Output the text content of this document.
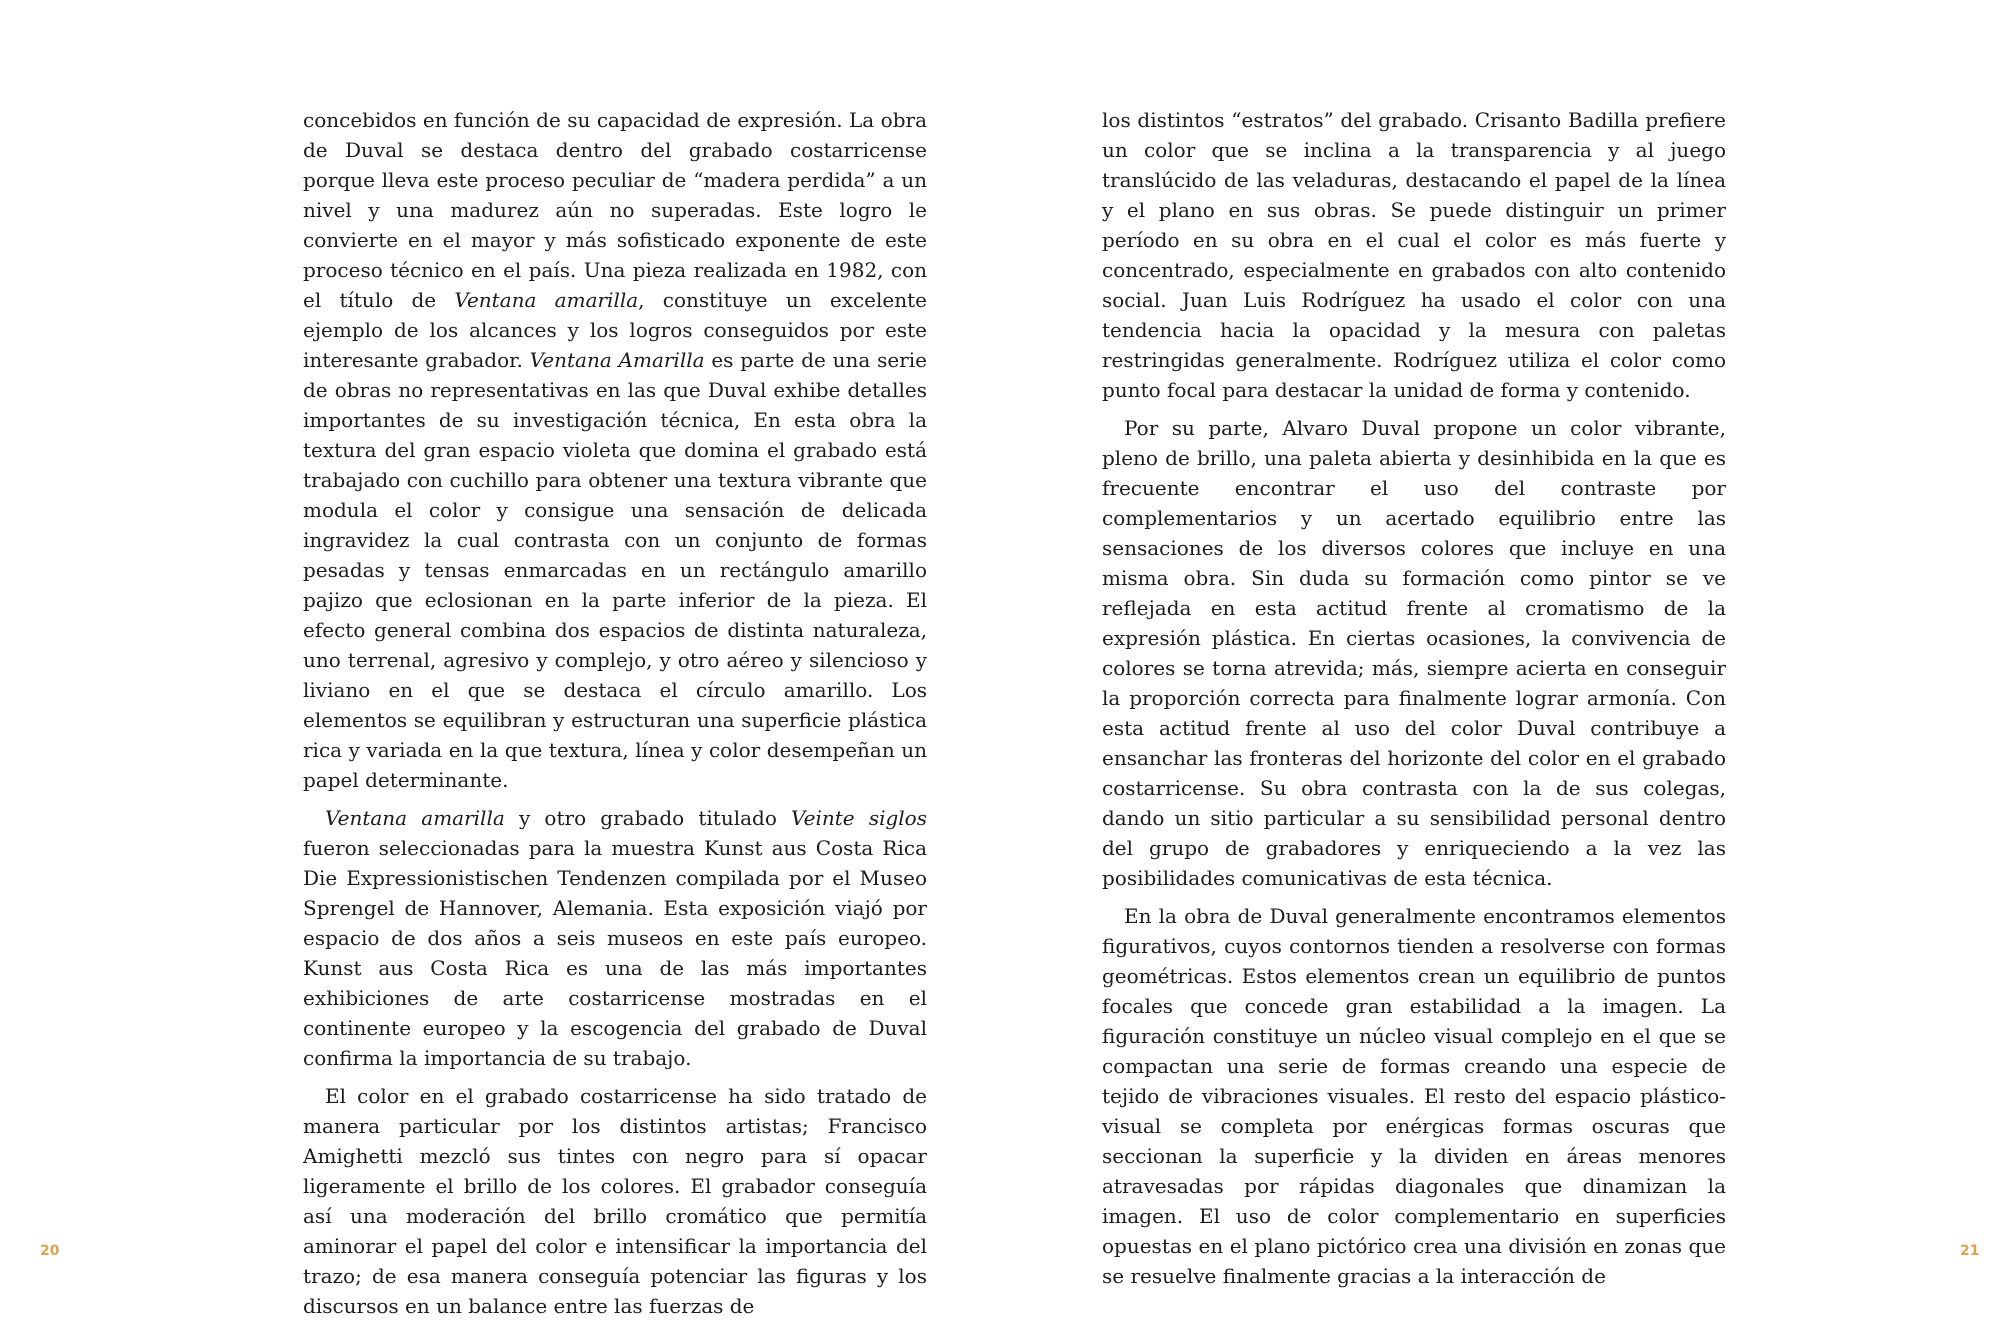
concebidos en función de su capacidad de expresión. La obra de Duval se destaca dentro del grabado costarricense porque lleva este proceso peculiar de “madera perdida” a un nivel y una madurez aún no superadas. Este logro le convierte en el mayor y más sofisticado exponente de este proceso técnico en el país. Una pieza realizada en 1982, con el título de Ventana amarilla, constituye un excelente ejemplo de los alcances y los logros conseguidos por este interesante grabador. Ventana Amarilla es parte de una serie de obras no representativas en las que Duval exhibe detalles importantes de su investigación técnica, En esta obra la textura del gran espacio violeta que domina el grabado está trabajado con cuchillo para obtener una textura vibrante que modula el color y consigue una sensación de delicada ingravidez la cual contrasta con un conjunto de formas pesadas y tensas enmarcadas en un rectángulo amarillo pajizo que eclosionan en la parte inferior de la pieza. El efecto general combina dos espacios de distinta naturaleza, uno terrenal, agresivo y complejo, y otro aéreo y silencioso y liviano en el que se destaca el círculo amarillo. Los elementos se equilibran y estructuran una superficie plástica rica y variada en la que textura, línea y color desempeñan un papel determinante.

Ventana amarilla y otro grabado titulado Veinte siglos fueron seleccionadas para la muestra Kunst aus Costa Rica Die Expressionistischen Tendenzen compilada por el Museo Sprengel de Hannover, Alemania. Esta exposición viajó por espacio de dos años a seis museos en este país europeo. Kunst aus Costa Rica es una de las más importantes exhibiciones de arte costarricense mostradas en el continente europeo y la escogencia del grabado de Duval confirma la importancia de su trabajo.

El color en el grabado costarricense ha sido tratado de manera particular por los distintos artistas; Francisco Amighetti mezcló sus tintes con negro para sí opacar ligeramente el brillo de los colores. El grabador conseguía así una moderación del brillo cromático que permitía aminorar el papel del color e intensificar la importancia del trazo; de esa manera conseguía potenciar las figuras y los discursos en un balance entre las fuerzas de

los distintos “estratos” del grabado. Crisanto Badilla prefiere un color que se inclina a la transparencia y al juego translúcido de las veladuras, destacando el papel de la línea y el plano en sus obras. Se puede distinguir un primer período en su obra en el cual el color es más fuerte y concentrado, especialmente en grabados con alto contenido social. Juan Luis Rodríguez ha usado el color con una tendencia hacia la opacidad y la mesura con paletas restringidas generalmente. Rodríguez utiliza el color como punto focal para destacar la unidad de forma y contenido.

Por su parte, Alvaro Duval propone un color vibrante, pleno de brillo, una paleta abierta y desinhibida en la que es frecuente encontrar el uso del contraste por complementarios y un acertado equilibrio entre las sensaciones de los diversos colores que incluye en una misma obra. Sin duda su formación como pintor se ve reflejada en esta actitud frente al cromatismo de la expresión plástica. En ciertas ocasiones, la convivencia de colores se torna atrevida; más, siempre acierta en conseguir la proporción correcta para finalmente lograr armonía. Con esta actitud frente al uso del color Duval contribuye a ensanchar las fronteras del horizonte del color en el grabado costarricense. Su obra contrasta con la de sus colegas, dando un sitio particular a su sensibilidad personal dentro del grupo de grabadores y enriqueciendo a la vez las posibilidades comunicativas de esta técnica.

En la obra de Duval generalmente encontramos elementos figurativos, cuyos contornos tienden a resolverse con formas geométricas. Estos elementos crean un equilibrio de puntos focales que concede gran estabilidad a la imagen. La figuración constituye un núcleo visual complejo en el que se compactan una serie de formas creando una especie de tejido de vibraciones visuales. El resto del espacio plástico-visual se completa por enérgicas formas oscuras que seccionan la superficie y la dividen en áreas menores atravesadas por rápidas diagonales que dinamizan la imagen. El uso de color complementario en superficies opuestas en el plano pictórico crea una división en zonas que se resuelve finalmente gracias a la interacción de

20	21
